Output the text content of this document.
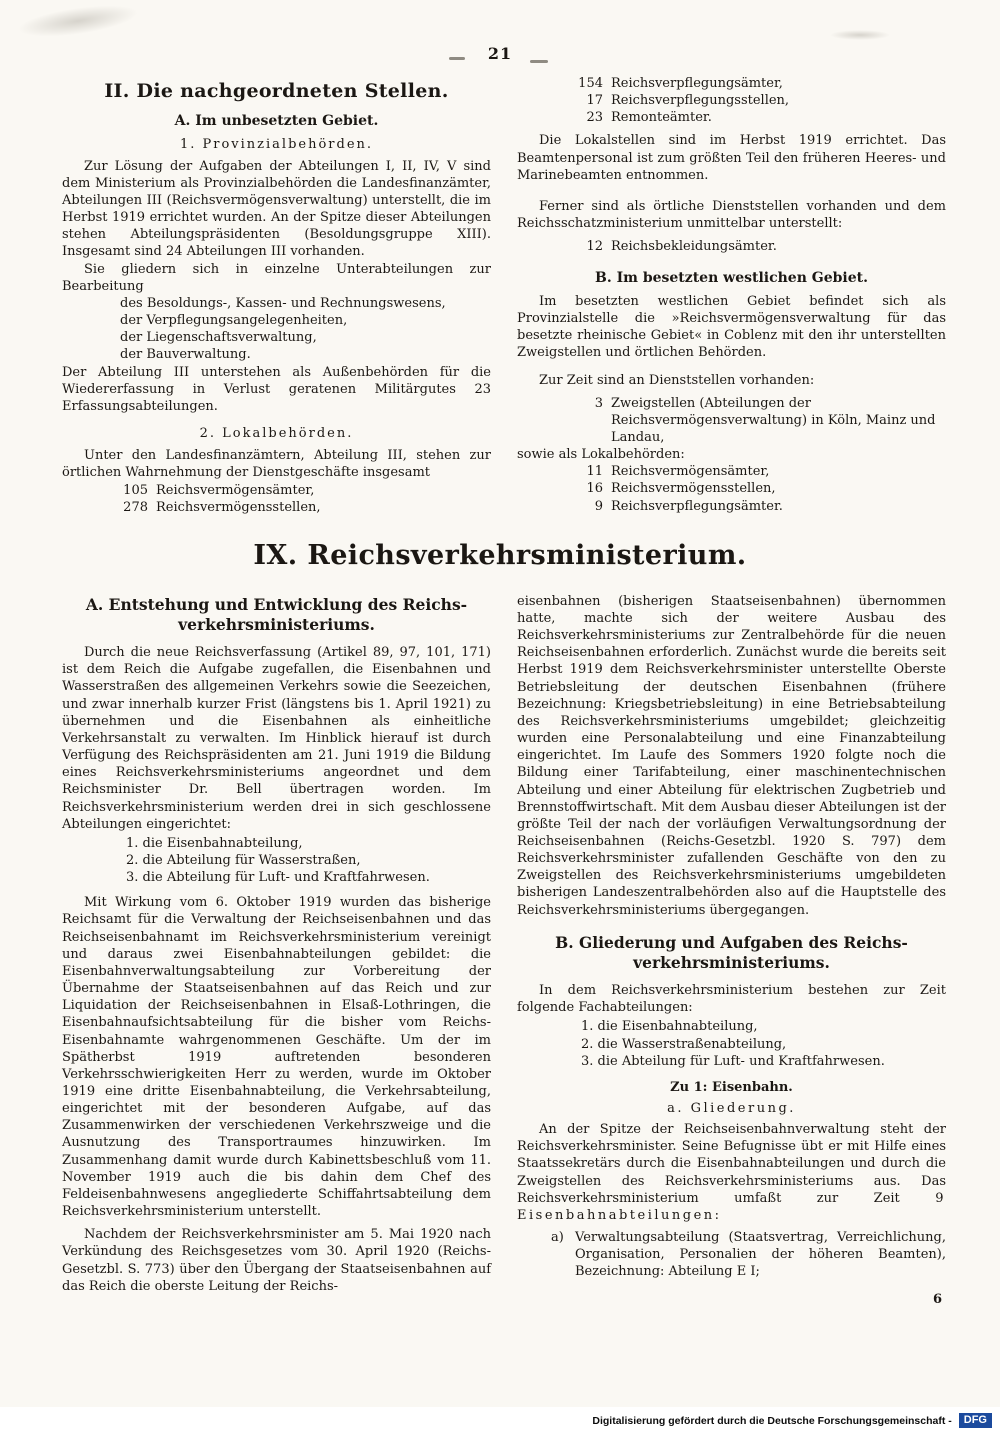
21
II. Die nachgeordneten Stellen.
A. Im unbesetzten Gebiet.
1. Provinzialbehörden.

Zur Lösung der Aufgaben der Abteilungen I, II, IV, V sind dem Ministerium als Provinzialbehörden die Landesfinanzämter, Abteilungen III (Reichsvermögensverwaltung) unterstellt, die im Herbst 1919 errichtet wurden. An der Spitze dieser Abteilungen stehen Abteilungspräsidenten (Besoldungsgruppe XIII). Insgesamt sind 24 Abteilungen III vorhanden.

Sie gliedern sich in einzelne Unterabteilungen zur Bearbeitung

des Besoldungs-, Kassen- und Rechnungswesens,
der Verpflegungsangelegenheiten,
der Liegenschaftsverwaltung,
der Bauverwaltung.

Der Abteilung III unterstehen als Außenbehörden für die Wiedererfassung in Verlust geratenen Militärgutes 23 Erfassungsabteilungen.

2. Lokalbehörden.

Unter den Landesfinanzämtern, Abteilung III, stehen zur örtlichen Wahrnehmung der Dienstgeschäfte insgesamt

105 Reichsvermögensämter,
278 Reichsvermögensstellen,
154 Reichsverpflegungsämter,
17 Reichsverpflegungsstellen,
23 Remonteämter.

Die Lokalstellen sind im Herbst 1919 errichtet. Das Beamtenpersonal ist zum größten Teil den früheren Heeres- und Marinebeamten entnommen.

Ferner sind als örtliche Dienststellen vorhanden und dem Reichsschatzministerium unmittelbar unterstellt:

12 Reichsbekleidungsämter.
B. Im besetzten westlichen Gebiet.

Im besetzten westlichen Gebiet befindet sich als Provinzialstelle die »Reichsvermögensverwaltung für das besetzte rheinische Gebiet« in Coblenz mit den ihr unterstellten Zweigstellen und örtlichen Behörden.

Zur Zeit sind an Dienststellen vorhanden:

3 Zweigstellen (Abteilungen der Reichsvermögensverwaltung) in Köln, Mainz und Landau,

sowie als Lokalbehörden:

11 Reichsvermögensämter,
16 Reichsvermögensstellen,
9 Reichsverpflegungsämter.
IX. Reichsverkehrsministerium.
A. Entstehung und Entwicklung des Reichs-
verkehrsministeriums.

Durch die neue Reichsverfassung (Artikel 89, 97, 101, 171) ist dem Reich die Aufgabe zugefallen, die Eisenbahnen und Wasserstraßen des allgemeinen Verkehrs sowie die Seezeichen, und zwar innerhalb kurzer Frist (längstens bis 1. April 1921) zu übernehmen und die Eisenbahnen als einheitliche Verkehrsanstalt zu verwalten. Im Hinblick hierauf ist durch Verfügung des Reichspräsidenten am 21. Juni 1919 die Bildung eines Reichsverkehrsministeriums angeordnet und dem Reichsminister Dr. Bell übertragen worden. Im Reichsverkehrsministerium werden drei in sich geschlossene Abteilungen eingerichtet:

1. die Eisenbahnabteilung,
2. die Abteilung für Wasserstraßen,
3. die Abteilung für Luft- und Kraftfahrwesen.

Mit Wirkung vom 6. Oktober 1919 wurden das bisherige Reichsamt für die Verwaltung der Reichseisenbahnen und das Reichseisenbahnamt im Reichsverkehrsministerium vereinigt und daraus zwei Eisenbahnabteilungen gebildet: die Eisenbahnverwaltungsabteilung zur Vorbereitung der Übernahme der Staatseisenbahnen auf das Reich und zur Liquidation der Reichseisenbahnen in Elsaß-Lothringen, die Eisenbahnaufsichtsabteilung für die bisher vom Reichs-Eisenbahnamte wahrgenommenen Geschäfte. Um der im Spätherbst 1919 auftretenden besonderen Verkehrsschwierigkeiten Herr zu werden, wurde im Oktober 1919 eine dritte Eisenbahnabteilung, die Verkehrsabteilung, eingerichtet mit der besonderen Aufgabe, auf das Zusammenwirken der verschiedenen Verkehrszweige und die Ausnutzung des Transportraumes hinzuwirken. Im Zusammenhang damit wurde durch Kabinettsbeschluß vom 11. November 1919 auch die bis dahin dem Chef des Feldeisenbahnwesens angegliederte Schiffahrtsabteilung dem Reichsverkehrsministerium unterstellt.

Nachdem der Reichsverkehrsminister am 5. Mai 1920 nach Verkündung des Reichsgesetzes vom 30. April 1920 (Reichs-Gesetzbl. S. 773) über den Übergang der Staatseisenbahnen auf das Reich die oberste Leitung der Reichs-

eisenbahnen (bisherigen Staatseisenbahnen) übernommen hatte, machte sich der weitere Ausbau des Reichsverkehrsministeriums zur Zentralbehörde für die neuen Reichseisenbahnen erforderlich. Zunächst wurde die bereits seit Herbst 1919 dem Reichsverkehrsminister unterstellte Oberste Betriebsleitung der deutschen Eisenbahnen (frühere Bezeichnung: Kriegsbetriebsleitung) in eine Betriebsabteilung des Reichsverkehrsministeriums umgebildet; gleichzeitig wurden eine Personalabteilung und eine Finanzabteilung eingerichtet. Im Laufe des Sommers 1920 folgte noch die Bildung einer Tarifabteilung, einer maschinentechnischen Abteilung und einer Abteilung für elektrischen Zugbetrieb und Brennstoffwirtschaft. Mit dem Ausbau dieser Abteilungen ist der größte Teil der nach der vorläufigen Verwaltungsordnung der Reichseisenbahnen (Reichs-Gesetzbl. 1920 S. 797) dem Reichsverkehrsminister zufallenden Geschäfte von den zu Zweigstellen des Reichsverkehrsministeriums umgebildeten bisherigen Landeszentralbehörden also auf die Hauptstelle des Reichsverkehrsministeriums übergegangen.

B. Gliederung und Aufgaben des Reichs-
verkehrsministeriums.

In dem Reichsverkehrsministerium bestehen zur Zeit folgende Fachabteilungen:

1. die Eisenbahnabteilung,
2. die Wasserstraßenabteilung,
3. die Abteilung für Luft- und Kraftfahrwesen.
Zu 1: Eisenbahn.
a. Gliederung.

An der Spitze der Reichseisenbahnverwaltung steht der Reichsverkehrsminister. Seine Befugnisse übt er mit Hilfe eines Staatssekretärs durch die Eisenbahnabteilungen und durch die Zweigstellen des Reichsverkehrsministeriums aus. Das Reichsverkehrsministerium umfaßt zur Zeit 9 Eisenbahnabteilungen:

a) Verwaltungsabteilung (Staatsvertrag, Verreichlichung, Organisation, Personalien der höheren Beamten), Bezeichnung: Abteilung E I;
6
Digitalisierung gefördert durch die Deutsche Forschungsgemeinschaft -	DFG
